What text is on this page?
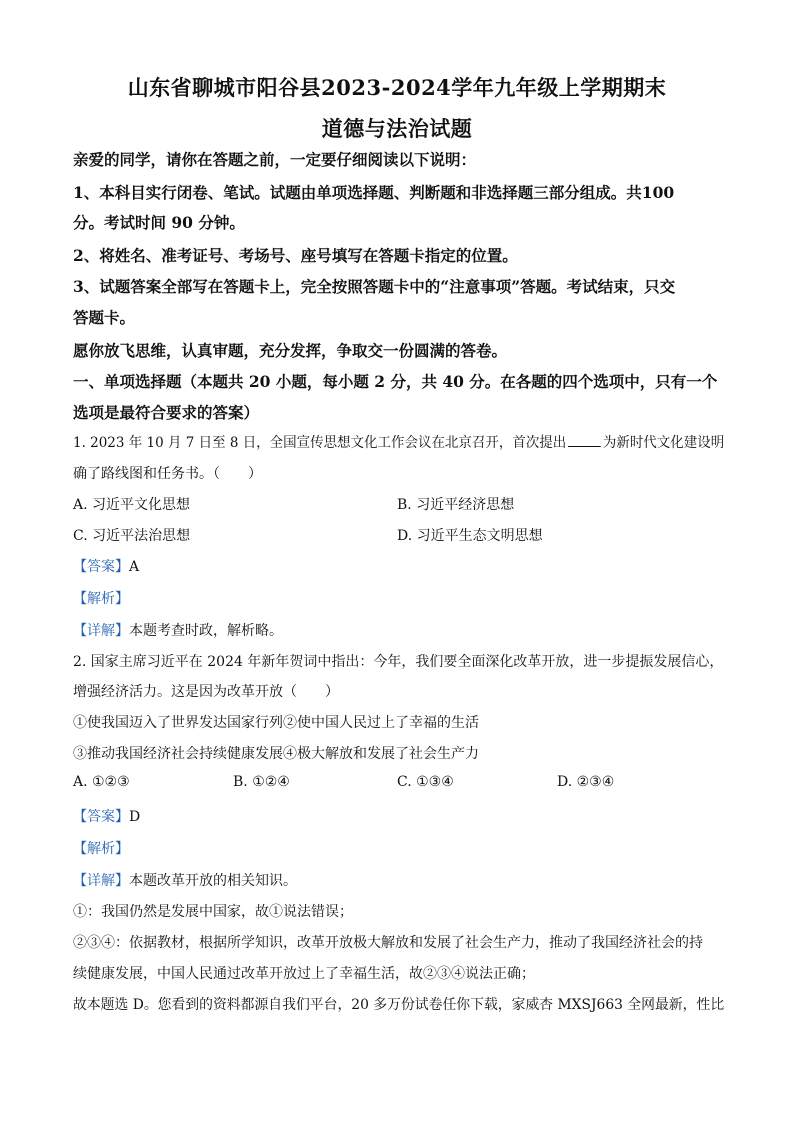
山东省聊城市阳谷县2023-2024学年九年级上学期期末
道德与法治试题
亲爱的同学，请你在答题之前，一定要仔细阅读以下说明：
1、本科目实行闭卷、笔试。试题由单项选择题、判断题和非选择题三部分组成。共100
分。考试时间 90 分钟。
2、将姓名、准考证号、考场号、座号填写在答题卡指定的位置。
3、试题答案全部写在答题卡上，完全按照答题卡中的“注意事项”答题。考试结束，只交
答题卡。
愿你放飞思维，认真审题，充分发挥，争取交一份圆满的答卷。
一、单项选择题（本题共 20 小题，每小题 2 分，共 40 分。在各题的四个选项中，只有一个
选项是最符合要求的答案）
1. 2023 年 10 月 7 日至 8 日，全国宣传思想文化工作会议在北京召开，首次提出	为新时代文化建设明
确了路线图和任务书。（　　）
A. 习近平文化思想	B. 习近平经济思想
C. 习近平法治思想	D. 习近平生态文明思想
【答案】A
【解析】
【详解】本题考查时政，解析略。
2. 国家主席习近平在 2024 年新年贺词中指出：今年，我们要全面深化改革开放，进一步提振发展信心，
增强经济活力。这是因为改革开放（　　）
①使我国迈入了世界发达国家行列②使中国人民过上了幸福的生活
③推动我国经济社会持续健康发展④极大解放和发展了社会生产力
A. ①②③	B. ①②④	C. ①③④	D. ②③④
【答案】D
【解析】
【详解】本题改革开放的相关知识。
①：我国仍然是发展中国家，故①说法错误；
②③④：依据教材，根据所学知识，改革开放极大解放和发展了社会生产力，推动了我国经济社会的持
续健康发展，中国人民通过改革开放过上了幸福生活，故②③④说法正确；
故本题选 D。您看到的资料都源自我们平台，20 多万份试卷任你下载，家威杏 MXSJ663 全网最新，性比
